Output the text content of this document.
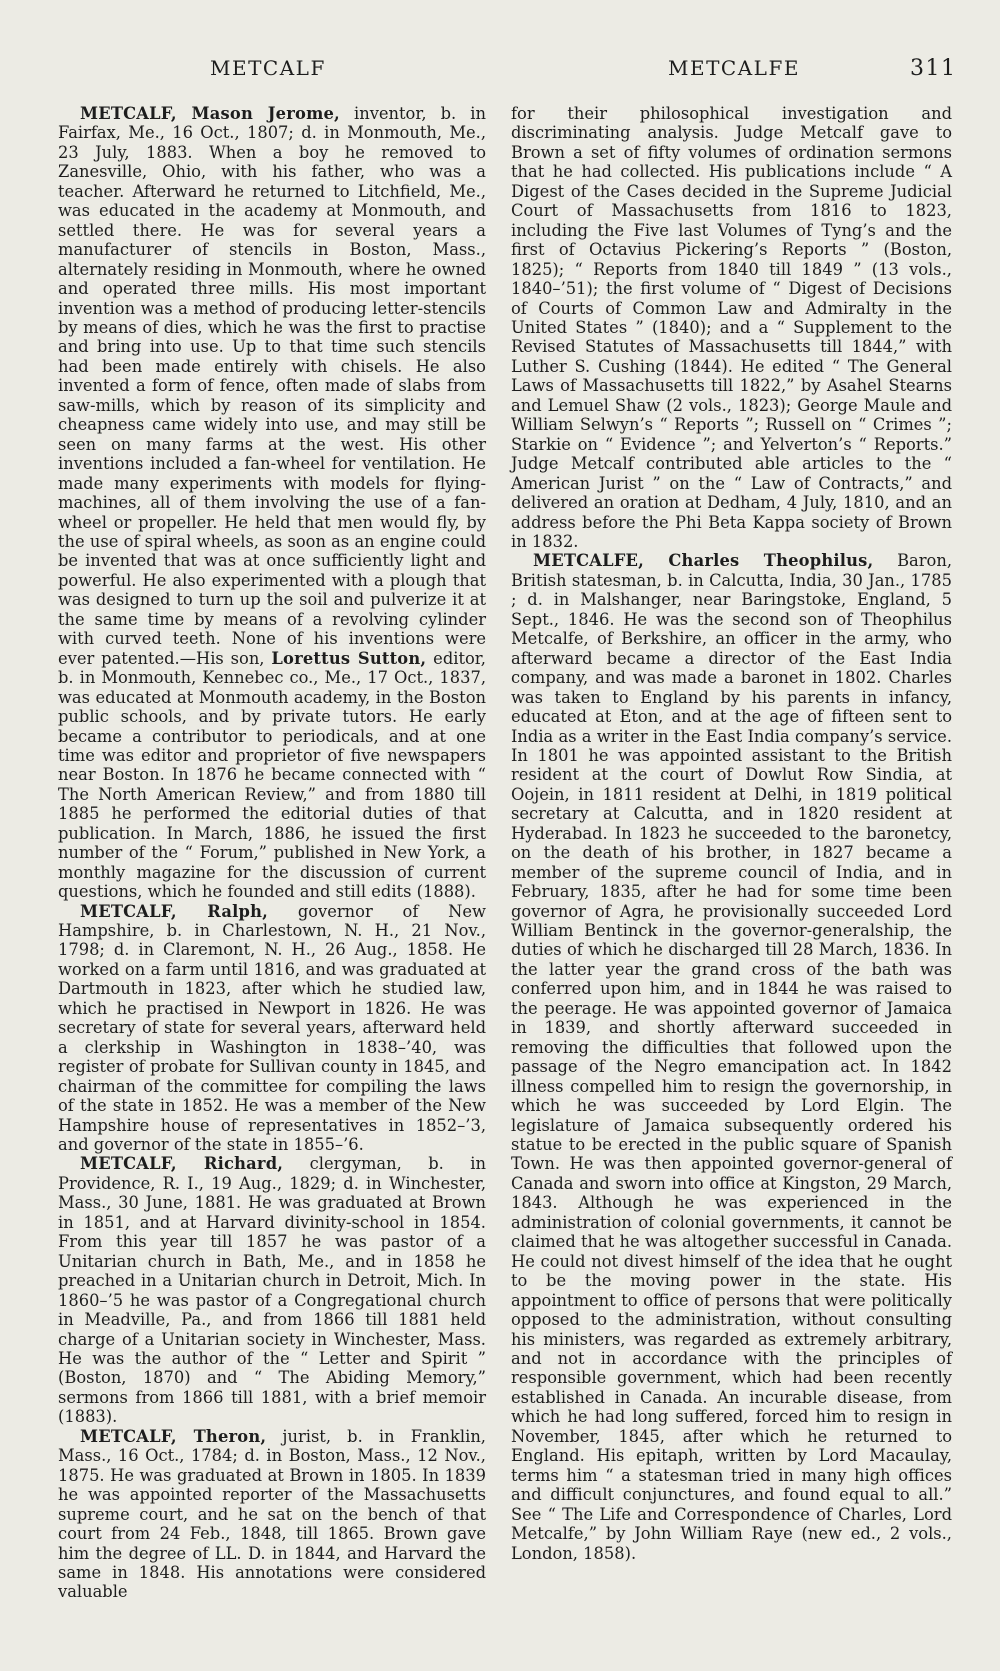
METCALF	METCALFE	311

METCALF, Mason Jerome, inventor, b. in Fairfax, Me., 16 Oct., 1807; d. in Monmouth, Me., 23 July, 1883. When a boy he removed to Zanesville, Ohio, with his father, who was a teacher. Afterward he returned to Litchfield, Me., was educated in the academy at Monmouth, and settled there. He was for several years a manufacturer of stencils in Boston, Mass., alternately residing in Monmouth, where he owned and operated three mills. His most important invention was a method of producing letter-stencils by means of dies, which he was the first to practise and bring into use. Up to that time such stencils had been made entirely with chisels. He also invented a form of fence, often made of slabs from saw-mills, which by reason of its simplicity and cheapness came widely into use, and may still be seen on many farms at the west. His other inventions included a fan-wheel for ventilation. He made many experiments with models for flying-machines, all of them involving the use of a fan-wheel or propeller. He held that men would fly, by the use of spiral wheels, as soon as an engine could be invented that was at once sufficiently light and powerful. He also experimented with a plough that was designed to turn up the soil and pulverize it at the same time by means of a revolving cylinder with curved teeth. None of his inventions were ever patented.—His son, Lorettus Sutton, editor, b. in Monmouth, Kennebec co., Me., 17 Oct., 1837, was educated at Monmouth academy, in the Boston public schools, and by private tutors. He early became a contributor to periodicals, and at one time was editor and proprietor of five newspapers near Boston. In 1876 he became connected with “ The North American Review,” and from 1880 till 1885 he performed the editorial duties of that publication. In March, 1886, he issued the first number of the “ Forum,” published in New York, a monthly magazine for the discussion of current questions, which he founded and still edits (1888).

METCALF, Ralph, governor of New Hampshire, b. in Charlestown, N. H., 21 Nov., 1798; d. in Claremont, N. H., 26 Aug., 1858. He worked on a farm until 1816, and was graduated at Dartmouth in 1823, after which he studied law, which he practised in Newport in 1826. He was secretary of state for several years, afterward held a clerkship in Washington in 1838–’40, was register of probate for Sullivan county in 1845, and chairman of the committee for compiling the laws of the state in 1852. He was a member of the New Hampshire house of representatives in 1852–’3, and governor of the state in 1855–’6.

METCALF, Richard, clergyman, b. in Providence, R. I., 19 Aug., 1829; d. in Winchester, Mass., 30 June, 1881. He was graduated at Brown in 1851, and at Harvard divinity-school in 1854. From this year till 1857 he was pastor of a Unitarian church in Bath, Me., and in 1858 he preached in a Unitarian church in Detroit, Mich. In 1860–’5 he was pastor of a Congregational church in Meadville, Pa., and from 1866 till 1881 held charge of a Unitarian society in Winchester, Mass. He was the author of the “ Letter and Spirit ” (Boston, 1870) and “ The Abiding Memory,” sermons from 1866 till 1881, with a brief memoir (1883).

METCALF, Theron, jurist, b. in Franklin, Mass., 16 Oct., 1784; d. in Boston, Mass., 12 Nov., 1875. He was graduated at Brown in 1805. In 1839 he was appointed reporter of the Massachusetts supreme court, and he sat on the bench of that court from 24 Feb., 1848, till 1865. Brown gave him the degree of LL. D. in 1844, and Harvard the same in 1848. His annotations were considered valuable

for their philosophical investigation and discriminating analysis. Judge Metcalf gave to Brown a set of fifty volumes of ordination sermons that he had collected. His publications include “ A Digest of the Cases decided in the Supreme Judicial Court of Massachusetts from 1816 to 1823, including the Five last Volumes of Tyng’s and the first of Octavius Pickering’s Reports ” (Boston, 1825); “ Reports from 1840 till 1849 ” (13 vols., 1840–’51); the first volume of “ Digest of Decisions of Courts of Common Law and Admiralty in the United States ” (1840); and a “ Supplement to the Revised Statutes of Massachusetts till 1844,” with Luther S. Cushing (1844). He edited “ The General Laws of Massachusetts till 1822,” by Asahel Stearns and Lemuel Shaw (2 vols., 1823); George Maule and William Selwyn’s “ Reports ”; Russell on “ Crimes ”; Starkie on “ Evidence ”; and Yelverton’s “ Reports.” Judge Metcalf contributed able articles to the “ American Jurist ” on the “ Law of Contracts,” and delivered an oration at Dedham, 4 July, 1810, and an address before the Phi Beta Kappa society of Brown in 1832.

METCALFE, Charles Theophilus, Baron, British statesman, b. in Calcutta, India, 30 Jan., 1785 ; d. in Malshanger, near Baringstoke, England, 5 Sept., 1846. He was the second son of Theophilus Metcalfe, of Berkshire, an officer in the army, who afterward became a director of the East India company, and was made a baronet in 1802. Charles was taken to England by his parents in infancy, educated at Eton, and at the age of fifteen sent to India as a writer in the East India company’s service. In 1801 he was appointed assistant to the British resident at the court of Dowlut Row Sindia, at Oojein, in 1811 resident at Delhi, in 1819 political secretary at Calcutta, and in 1820 resident at Hyderabad. In 1823 he succeeded to the baronetcy, on the death of his brother, in 1827 became a member of the supreme council of India, and in February, 1835, after he had for some time been governor of Agra, he provisionally succeeded Lord William Bentinck in the governor-generalship, the duties of which he discharged till 28 March, 1836. In the latter year the grand cross of the bath was conferred upon him, and in 1844 he was raised to the peerage. He was appointed governor of Jamaica in 1839, and shortly afterward succeeded in removing the difficulties that followed upon the passage of the Negro emancipation act. In 1842 illness compelled him to resign the governorship, in which he was succeeded by Lord Elgin. The legislature of Jamaica subsequently ordered his statue to be erected in the public square of Spanish Town. He was then appointed governor-general of Canada and sworn into office at Kingston, 29 March, 1843. Although he was experienced in the administration of colonial governments, it cannot be claimed that he was altogether successful in Canada. He could not divest himself of the idea that he ought to be the moving power in the state. His appointment to office of persons that were politically opposed to the administration, without consulting his ministers, was regarded as extremely arbitrary, and not in accordance with the principles of responsible government, which had been recently established in Canada. An incurable disease, from which he had long suffered, forced him to resign in November, 1845, after which he returned to England. His epitaph, written by Lord Macaulay, terms him “ a statesman tried in many high offices and difficult conjunctures, and found equal to all.” See “ The Life and Correspondence of Charles, Lord Metcalfe,” by John William Raye (new ed., 2 vols., London, 1858).
